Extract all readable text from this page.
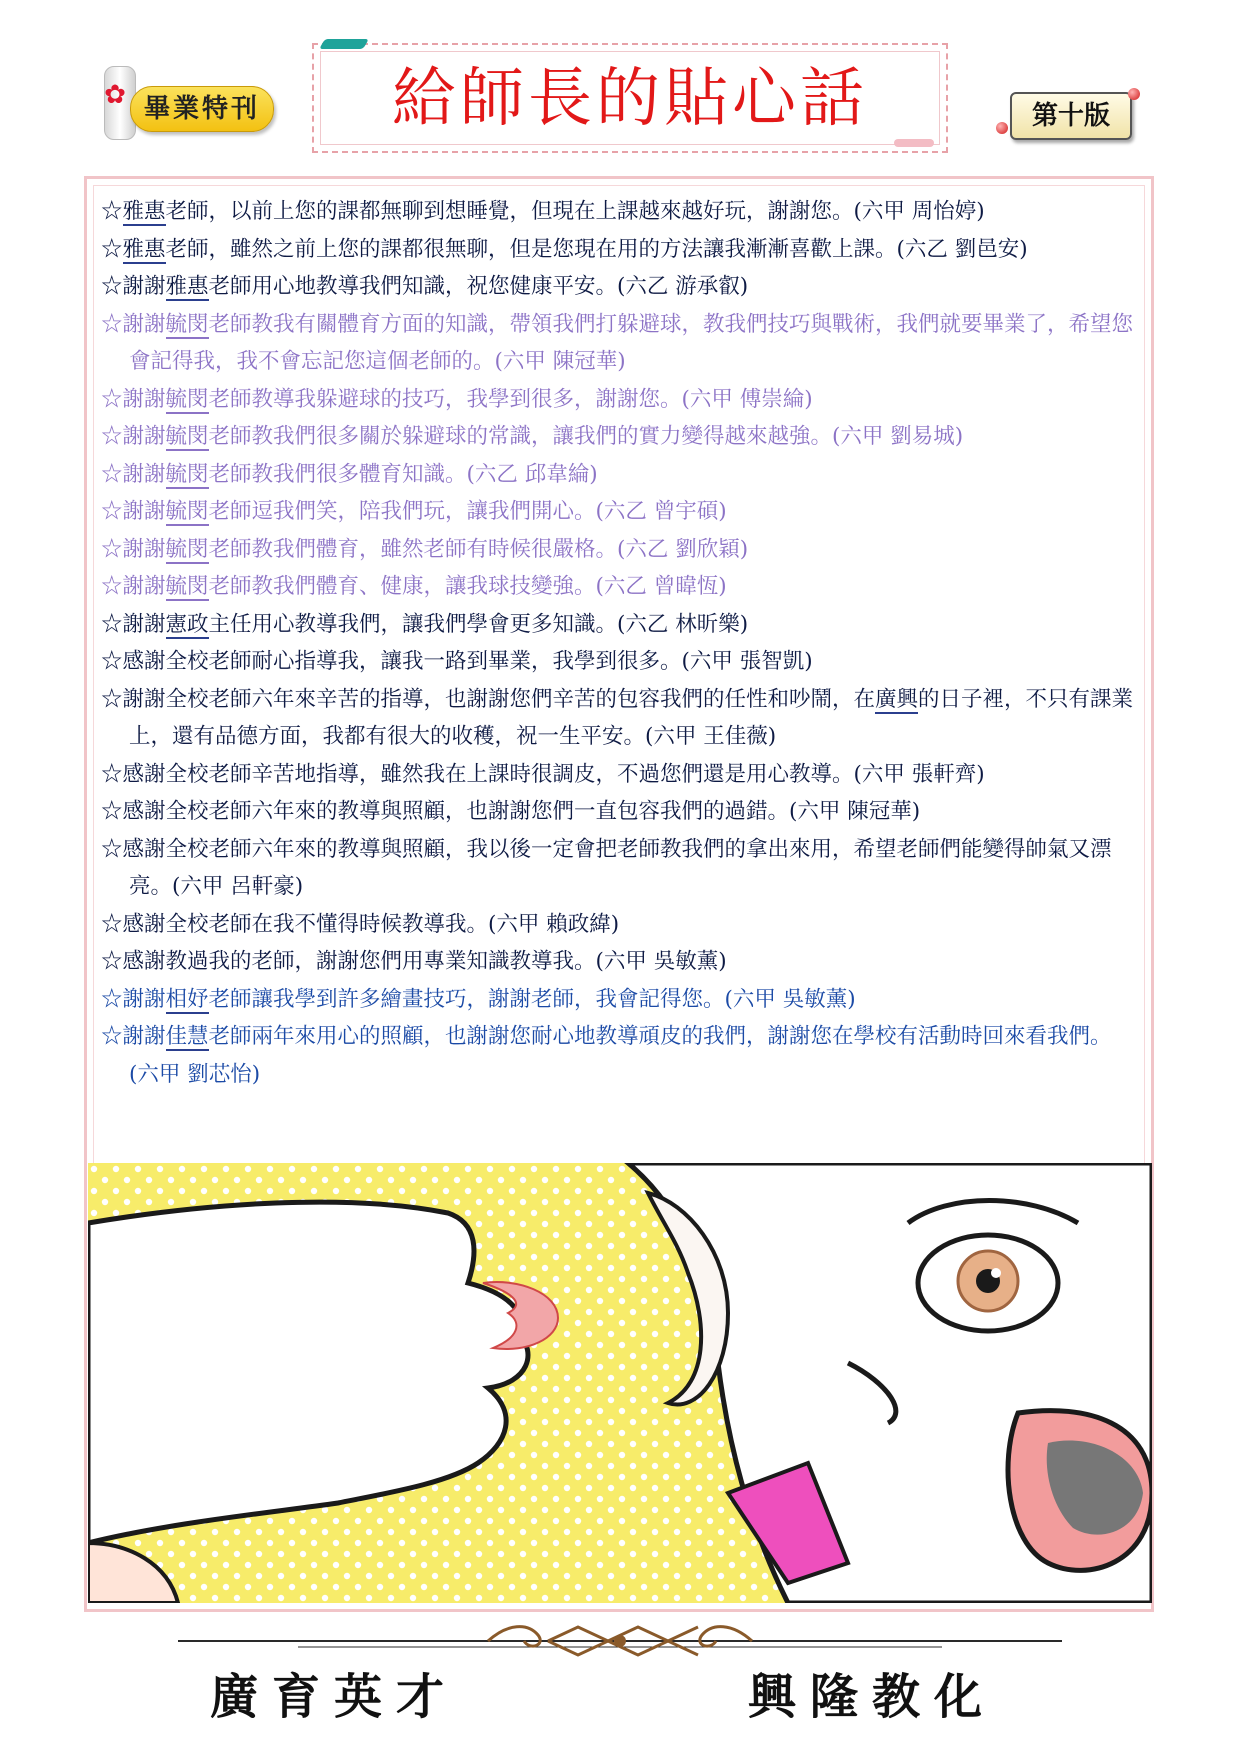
✿ 畢業特刊	給師長的貼心話	第十版
☆雅惠老師，以前上您的課都無聊到想睡覺，但現在上課越來越好玩，謝謝您。(六甲 周怡婷)
☆雅惠老師，雖然之前上您的課都很無聊，但是您現在用的方法讓我漸漸喜歡上課。(六乙 劉邑安)
☆謝謝雅惠老師用心地教導我們知識，祝您健康平安。(六乙 游承叡)
☆謝謝毓閔老師教我有關體育方面的知識，帶領我們打躲避球，教我們技巧與戰術，我們就要畢業了，希望您會記得我，我不會忘記您這個老師的。(六甲 陳冠華)
☆謝謝毓閔老師教導我躲避球的技巧，我學到很多，謝謝您。(六甲 傅崇綸)
☆謝謝毓閔老師教我們很多關於躲避球的常識，讓我們的實力變得越來越強。(六甲 劉易城)
☆謝謝毓閔老師教我們很多體育知識。(六乙 邱韋綸)
☆謝謝毓閔老師逗我們笑，陪我們玩，讓我們開心。(六乙 曾宇碩)
☆謝謝毓閔老師教我們體育，雖然老師有時候很嚴格。(六乙 劉欣穎)
☆謝謝毓閔老師教我們體育、健康，讓我球技變強。(六乙 曾暐恆)
☆謝謝憲政主任用心教導我們，讓我們學會更多知識。(六乙 林昕樂)
☆感謝全校老師耐心指導我，讓我一路到畢業，我學到很多。(六甲 張智凱)
☆謝謝全校老師六年來辛苦的指導，也謝謝您們辛苦的包容我們的任性和吵鬧，在廣興的日子裡，不只有課業上，還有品德方面，我都有很大的收穫，祝一生平安。(六甲 王佳薇)
☆感謝全校老師辛苦地指導，雖然我在上課時很調皮，不過您們還是用心教導。(六甲 張軒齊)
☆感謝全校老師六年來的教導與照顧，也謝謝您們一直包容我們的過錯。(六甲 陳冠華)
☆感謝全校老師六年來的教導與照顧，我以後一定會把老師教我們的拿出來用，希望老師們能變得帥氣又漂亮。(六甲 呂軒豪)
☆感謝全校老師在我不懂得時候教導我。(六甲 賴政緯)
☆感謝教過我的老師，謝謝您們用專業知識教導我。(六甲 吳敏薰)
☆謝謝相妤老師讓我學到許多繪畫技巧，謝謝老師，我會記得您。(六甲 吳敏薰)
☆謝謝佳慧老師兩年來用心的照顧，也謝謝您耐心地教導頑皮的我們，謝謝您在學校有活動時回來看我們。(六甲 劉芯怡)
廣育英才	興隆教化
